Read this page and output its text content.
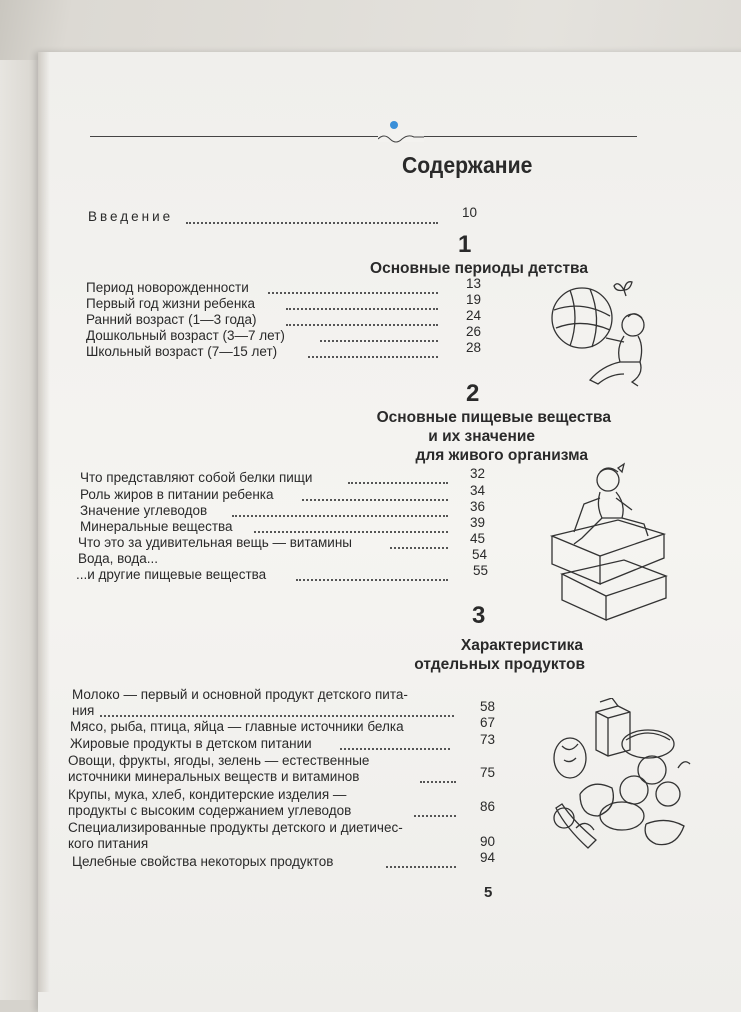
Содержание
Введение	10
1
Основные периоды детства
Период новорожденности	13
Первый год жизни ребенка	19
Ранний возраст (1—3 года)	24
Дошкольный возраст (3—7 лет)	26
Школьный возраст (7—15 лет)	28
2
Основные пищевые вещества
и их значение
для живого организма
Что представляют собой белки пищи	32
Роль жиров в питании ребенка	34
Значение углеводов	36
Минеральные вещества	39
Что это за удивительная вещь — витамины	45
Вода, вода...	54
...и другие пищевые вещества	55
3
Характеристика
отдельных продуктов
Молоко — первый и основной продукт детского пита-
ния	58
Мясо, рыба, птица, яйца — главные источники белка	67
Жировые продукты в детском питании	73
Овощи, фрукты, ягоды, зелень — естественные
источники минеральных веществ и витаминов	75
Крупы, мука, хлеб, кондитерские изделия —
продукты с высоким содержанием углеводов	86
Специализированные продукты детского и диетичес-
кого питания	90
Целебные свойства некоторых продуктов	94
5
